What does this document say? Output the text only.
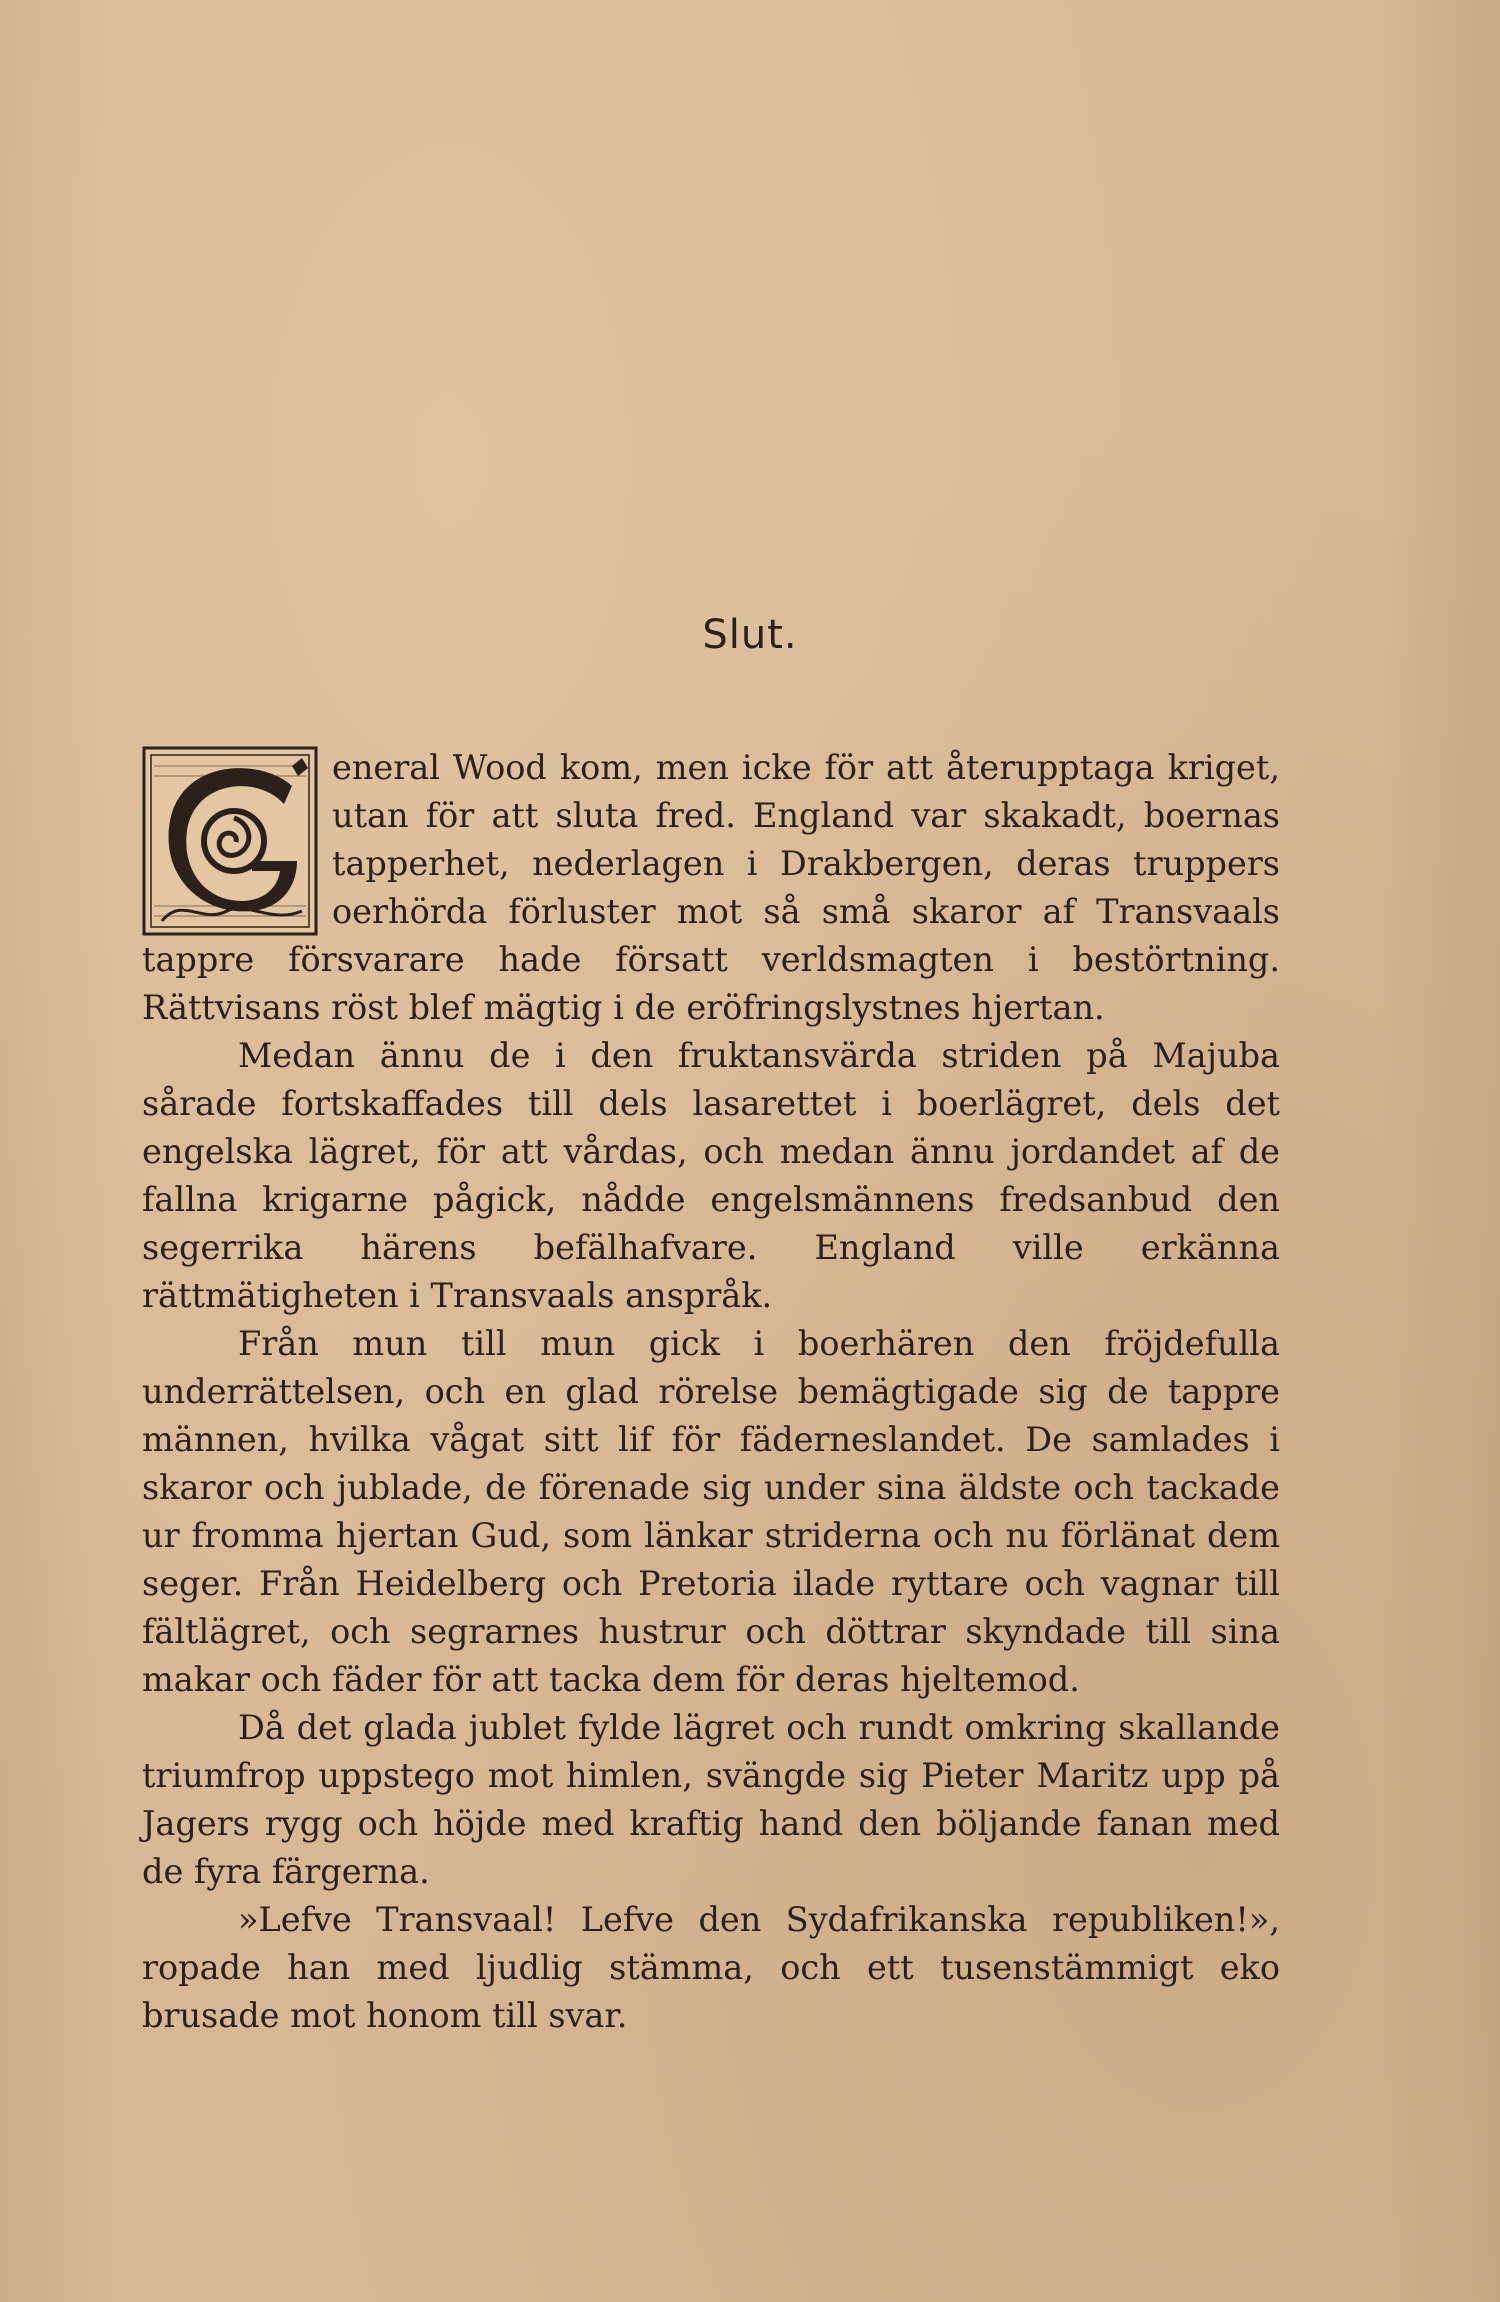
Slut.

eneral Wood kom, men icke för att återupptaga kriget, utan för att sluta fred. England var skakadt, boernas tapperhet, nederlagen i Drakbergen, deras truppers oerhörda förluster mot så små skaror af Transvaals tappre försvarare hade försatt verldsmagten i bestörtning. Rättvisans röst blef mägtig i de eröfringslystnes hjertan.

Medan ännu de i den fruktansvärda striden på Majuba sårade fortskaffades till dels lasarettet i boerlägret, dels det engelska lägret, för att vårdas, och medan ännu jordandet af de fallna krigarne pågick, nådde engelsmännens fredsanbud den segerrika härens befälhafvare. England ville erkänna rättmätigheten i Transvaals anspråk.

Från mun till mun gick i boerhären den fröjdefulla underrättelsen, och en glad rörelse bemägtigade sig de tappre männen, hvilka vågat sitt lif för fäderneslandet. De samlades i skaror och jublade, de förenade sig under sina äldste och tackade ur fromma hjertan Gud, som länkar striderna och nu förlänat dem seger. Från Heidelberg och Pretoria ilade ryttare och vagnar till fältlägret, och segrarnes hustrur och döttrar skyndade till sina makar och fäder för att tacka dem för deras hjeltemod.

Då det glada jublet fylde lägret och rundt omkring skallande triumfrop uppstego mot himlen, svängde sig Pieter Maritz upp på Jagers rygg och höjde med kraftig hand den böljande fanan med de fyra färgerna.

»Lefve Transvaal! Lefve den Sydafrikanska republiken!», ropade han med ljudlig stämma, och ett tusenstämmigt eko brusade mot honom till svar.
